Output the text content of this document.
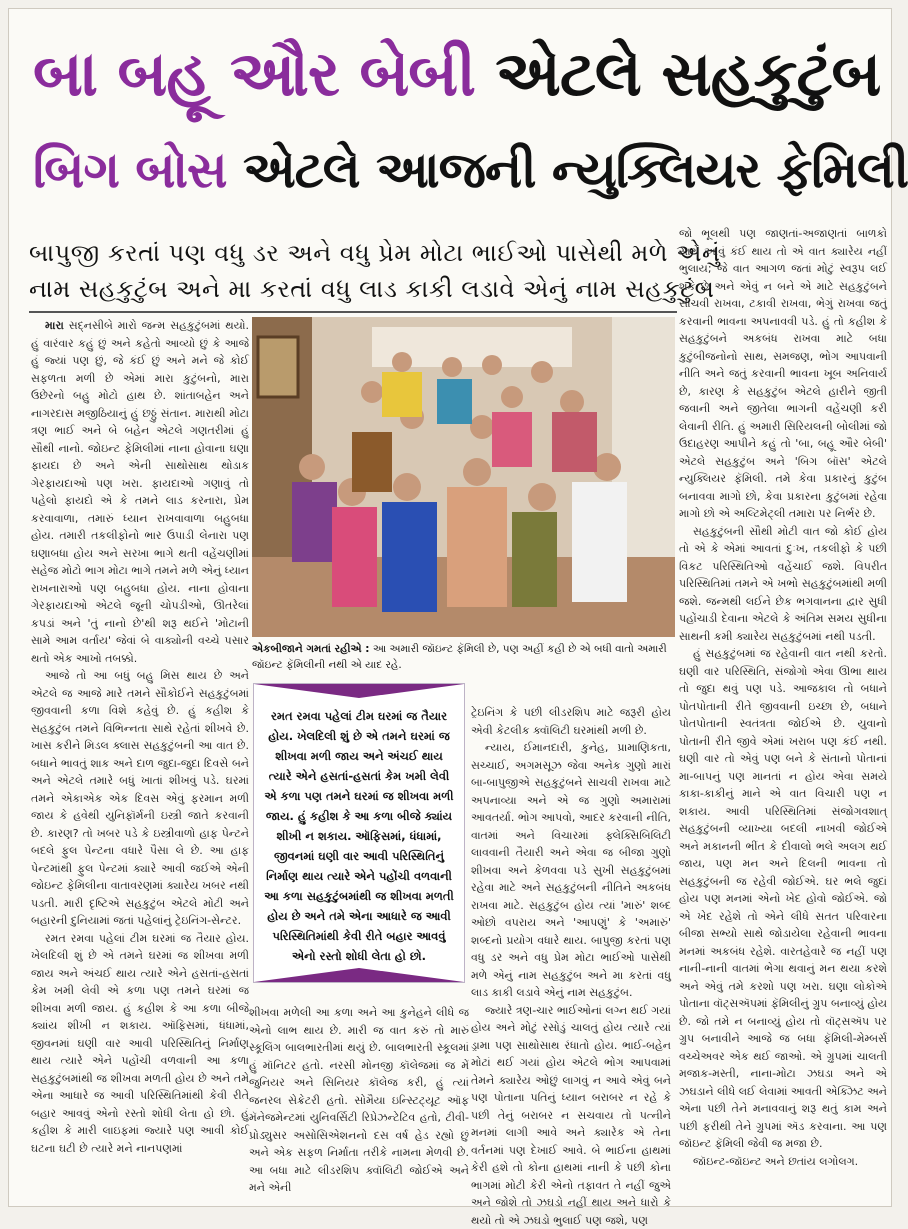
બા બહૂ ઔર બેબી એટલે સહકુટુંબ
બિગ બોસ એટલે આજની ન્યુક્લિયર ફેમિલી
બાપુજી કરતાં પણ વધુ ડર અને વધુ પ્રેમ મોટા ભાઈઓ પાસેથી મળે એનું
નામ સહકુટુંબ અને મા કરતાં વધુ લાડ કાકી લડાવે એનું નામ સહકુટુંબ

મારા સદ્નસીબે મારો જન્મ સહકુટુંબમાં થયો. હું વારંવાર કહું છું અને કહેતો આવ્યો છું કે આજે હું જ્યાં પણ છું, જે કંઈ છું અને મને જે કોઈ સફળતા મળી છે એમાં મારા કુટુંબનો, મારા ઉછેરનો બહુ મોટો હાથ છે. શાંતાબહેન અને નાગરદાસ મજીઠિયાનું હું છઠ્ઠું સંતાન. મારાથી મોટા ત્રણ ભાઈ અને બે બહેન એટલે ગણતરીમાં હું સૌથી નાનો. જોઇન્ટ ફેમિલીમાં નાના હોવાના ઘણા ફાયદા છે અને એની સાથોસાથ થોડાક ગેરફાયદાઓ પણ ખરા. ફાયદાઓ ગણાવું તો પહેલો ફાયદો એ કે તમને લાડ કરનારા, પ્રેમ કરવાવાળા, તમારું ધ્યાન રાખવાવાળા બહુબધા હોય. તમારી તકલીફોનો ભાર ઉપાડી લેનારા પણ ઘણાબધા હોય અને સરખા ભાગે થતી વહેંચણીમાં સહેજ મોટો ભાગ મોટા ભાગે તમને મળે એનું ધ્યાન રાખનારાઓ પણ બહુબધા હોય. નાના હોવાના ગેરફાયદાઓ એટલે જૂની ચોપડીઓ, ઊતરેલાં કપડાં અને 'તું નાનો છે'થી શરૂ થઈને 'મોટાની સામે આમ વર્તાય' જેવાં બે વાક્યોની વચ્ચે પસાર થતો એક આખો તબક્કો.

આજે તો આ બધું બહુ મિસ થાય છે અને એટલે જ આજે મારે તમને સૌકોઈને સહકુટુંબમાં જીવવાની કળા વિશે કહેવું છે. હું કહીશ કે સહકુટુંબ તમને વિભિન્નતા સાથે રહેતાં શીખવે છે. ખાસ કરીને મિડલ ક્લાસ સહકુટુંબની આ વાત છે. બધાને ભાવતું શાક અને દાળ જુદા-જુદા દિવસે બને અને એટલે તમારે બધું ખાતાં શીખવું પડે. ઘરમાં તમને એકાએક એક દિવસ એવું ફરમાન મળી જાય કે હવેથી યુનિફૉર્મની ઇસ્ત્રી જાતે કરવાની છે. કારણ? તો ખબર પડે કે ઇસ્ત્રીવાળો હાફ પેન્ટને બદલે ફુલ પેન્ટના વધારે પૈસા લે છે. આ હાફ પેન્ટમાંથી ફુલ પેન્ટમાં ક્યારે આવી જઈએ એની જોઇન્ટ ફેમિલીના વાતાવરણમાં ક્યારેય ખબર નથી પડતી. મારી દૃષ્ટિએ સહકુટુંબ એટલે મોટી અને બહારની દુનિયામાં જતાં પહેલાંનું ટ્રેઇનિંગ-સેન્ટર.

રમત રમવા પહેલાં ટીમ ઘરમાં જ તૈયાર હોય. ખેલદિલી શું છે એ તમને ઘરમાં જ શીખવા મળી જાય અને અંચઈ થાય ત્યારે એને હસતાં-હસતાં કેમ ખમી લેવી એ કળા પણ તમને ઘરમાં જ શીખવા મળી જાય. હું કહીશ કે આ કળા બીજે ક્યાંય શીખી ન શકાય. ઑફિસમાં, ધંધામાં, જીવનમાં ઘણી વાર આવી પરિસ્થિતિનું નિર્માણ થાય ત્યારે એને પહોંચી વળવાની આ કળા સહકુટુંબમાંથી જ શીખવા મળતી હોય છે અને તમે એના આધારે જ આવી પરિસ્થિતિમાંથી કેવી રીતે બહાર આવવું એનો રસ્તો શોધી લેતા હો છો. હું કહીશ કે મારી લાઇફમાં જ્યારે પણ આવી કોઈ ઘટના ઘટી છે ત્યારે મને નાનપણમાં

એકબીજાને ગમતાં રહીએ : આ અમારી જૉઇન્ટ ફૅમિલી છે, પણ અહીં કહી છે એ બધી વાતો અમારી જૉઇન્ટ ફૅમિલીની નથી એ યાદ રહે.
રમત રમવા પહેલાં ટીમ ઘરમાં જ તૈયાર હોય. ખેલદિલી શું છે એ તમને ઘરમાં જ શીખવા મળી જાય અને અંચઈ થાય ત્યારે એને હસતાં-હસતાં કેમ ખમી લેવી એ કળા પણ તમને ઘરમાં જ શીખવા મળી જાય. હું કહીશ કે આ કળા બીજે ક્યાંય શીખી ન શકાય. ઑફિસમાં, ધંધામાં, જીવનમાં ઘણી વાર આવી પરિસ્થિતિનું નિર્માણ થાય ત્યારે એને પહોંચી વળવાની આ કળા સહકુટુંબમાંથી જ શીખવા મળતી હોય છે અને તમે એના આધારે જ આવી પરિસ્થિતિમાંથી કેવી રીતે બહાર આવવું એનો રસ્તો શોધી લેતા હો છો.

શીખવા મળેલી આ કળા અને આ કુનેહને લીધે જ એનો લાભ થાય છે. મારી જ વાત કરું તો મારું સ્કૂલિંગ બાલભારતીમાં થયું છે. બાલભારતી સ્કૂલમાં હું મૉનિટર હતો. નરસી મોનજી કૉલેજમાં જ મેં જુનિયર અને સિનિયર કૉલેજ કરી, હું ત્યાં જનરલ સેક્રેટરી હતો. સોમૈયા ઇન્સ્ટિટ્યૂટ ઑફ મૅનેજમેન્ટમાં યુનિવર્સિટી રિપ્રેઝન્ટેટિવ હતો, ટીવી-પ્રોડ્યુસર અસોસિએશનનો દસ વર્ષ હેડ રહ્યો છું અને એક સફળ નિર્માતા તરીકે નામના મેળવી છે. આ બધા માટે લીડરશિપ ક્વૉલિટી જોઈએ અને મને એની

ટ્રેઇનિંગ કે પછી લીડરશિપ માટે જરૂરી હોય એવી કેટલીક ક્વૉલિટી ઘરમાંથી મળી છે.

ન્યાય, ઈમાનદારી, કુનેહ, પ્રામાણિકતા, સચ્ચાઈ, અગમસૂઝ જેવા અનેક ગુણો મારાં બા-બાપુજીએ સહકુટુંબને સાચવી રાખવા માટે અપનાવ્યા અને એ જ ગુણો અમારામાં આવતર્યા. ભોગ આપવો, આદર કરવાની નીતિ, વાતમાં અને વિચારમાં ફ્લેક્સિબિલિટી લાવવાની તૈયારી અને એવા જ બીજા ગુણો શીખવા અને કેળવવા પડે સુખી સહકુટુંબમાં રહેવા માટે અને સહકુટુંબની નીતિને અકબંધ રાખવા માટે. સહકુટુંબ હોય ત્યાં 'મારું' શબ્દ ઓછો વપરાય અને 'આપણું' કે 'અમારું' શબ્દનો પ્રયોગ વધારે થાય. બાપુજી કરતાં પણ વધુ ડર અને વધુ પ્રેમ મોટા ભાઈઓ પાસેથી મળે એનું નામ સહકુટુંબ અને મા કરતાં વધુ લાડ કાકી લડાવે એનું નામ સહકુટુંબ.

જ્યારે ત્રણ-ચાર ભાઈઓનાં લગ્ન થઈ ગયાં હોય અને મોટું રસોડું ચાલતું હોય ત્યારે ત્યાં ડ્રામા પણ સાથોસાથ રંધાતો હોય. ભાઈ-બહેન મોટાં થઈ ગયાં હોય એટલે ભોગ આપવામાં તેમને ક્યારેય ઓછું લાગવું ન આવે એવું બને પણ પોતાના પતિનું ધ્યાન બરાબર ન રહે કે પછી તેનું બરાબર ન સચવાય તો પત્નીને મનમાં લાગી આવે અને ક્યારેક એ તેના વર્તનમાં પણ દેખાઈ આવે. બે ભાઈના હાથમાં કેરી હશે તો કોના હાથમાં નાની કે પછી કોના ભાગમાં મોટી કેરી એનો તફાવત તે નહીં જુએ અને જોશે તો ઝઘડો નહીં થાય અને ધારો કે થયો તો એ ઝઘડો ભુલાઈ પણ જશે, પણ

જો ભૂલથી પણ જાણતાં-અજાણતાં બાળકો સાથે આવું કંઈ થાય તો એ વાત ક્યારેય નહીં ભુલાય; જે વાત આગળ જતાં મોટું સ્વરૂપ લઈ શકે છે અને એવું ન બને એ માટે સહકુટુંબને સાચવી રાખવા, ટકાવી રાખવા, ભેગું રાખવા જતું કરવાની ભાવના અપનાવવી પડે. હું તો કહીશ કે સહકુટુંબને અકબંધ રાખવા માટે બધા કુટુંબીજનોનો સાથ, સમજણ, ભોગ આપવાની નીતિ અને જતું કરવાની ભાવના ખૂબ અનિવાર્ય છે, કારણ કે સહકુટુંબ એટલે હારીને જીતી જવાની અને જીતેલા ભાગની વહેંચણી કરી લેવાની રીતિ. હું અમારી સિરિયલની બોલીમાં જો ઉદાહરણ આપીને કહું તો 'બા, બહૂ ઔર બેબી' એટલે સહકુટુંબ અને 'બિગ બૉસ' એટલે ન્યુક્લિયર ફૅમિલી. તમે કેવા પ્રકારનું કુટુંબ બનાવવા માગો છો, કેવા પ્રકારના કુટુંબમાં રહેવા માગો છો એ અલ્ટિમેટ્લી તમારા પર નિર્ભર છે.

સહકુટુંબની સૌથી મોટી વાત જો કોઈ હોય તો એ કે એમાં આવતાં દુઃખ, તકલીફો કે પછી વિકટ પરિસ્થિતિઓ વહેંચાઈ જશે. વિપરીત પરિસ્થિતિમાં તમને એ ખભો સહકુટુંબમાંથી મળી જશે. જન્મથી લઈને છેક ભગવાનના દ્વાર સુધી પહોંચાડી દેવાના એટલે કે અંતિમ સમય સુધીના સાથની કમી ક્યારેય સહકુટુંબમાં નથી પડતી.

હું સહકુટુંબમાં જ રહેવાની વાત નથી કરતો. ઘણી વાર પરિસ્થિતિ, સંજોગો એવા ઊભા થાય તો જુદા થવું પણ પડે. આજકાલ તો બધાને પોતપોતાની રીતે જીવવાની ઇચ્છા છે, બધાને પોતપોતાની સ્વતંત્રતા જોઈએ છે. યુવાનો પોતાની રીતે જીવે એમાં ખરાબ પણ કંઈ નથી. ઘણી વાર તો એવું પણ બને કે સંતાનો પોતાનાં મા-બાપનું પણ માનતાં ન હોય એવા સમયે કાકા-કાકીનું માને એ વાત વિચારી પણ ન શકાય. આવી પરિસ્થિતિમાં સંજોગવશાત્ સહકુટુંબની વ્યાખ્યા બદલી નાખવી જોઈએ અને મકાનની ભીંત કે દીવાલો ભલે અલગ થઈ જાય, પણ મન અને દિલની ભાવના તો સહકુટુંબની જ રહેવી જોઈએ. ઘર ભલે જુદાં હોય પણ મનમાં એનો ખેદ હોવો જોઈએ. જો એ ખેદ રહેશે તો એને લીધે સતત પરિવારના બીજા સભ્યો સાથે જોડાયેલા રહેવાની ભાવના મનમાં અકબંધ રહેશે. વારતહેવારે જ નહીં પણ નાની-નાની વાતમાં ભેગા થવાનું મન થયા કરશે અને એવું તમે કરશો પણ ખરા. ઘણા લોકોએ પોતાના વૉટ્સઍપમાં ફૅમિલીનું ગ્રુપ બનાવ્યું હોય છે. જો તમે ન બનાવ્યું હોય તો વૉટ્સઍપ પર ગ્રુપ બનાવીને આજે જ બધા ફૅમિલી-મેમ્બર્સ વચ્ચેઅવર એક થઈ જાઓ. એ ગ્રુપમાં ચાલતી મજાક-મસ્તી, નાના-મોટા ઝઘડા અને એ ઝઘડાને લીધે લઈ લેવામાં આવતી એક્ઝિટ અને એના પછી તેને મનાવવાનું શરૂ થતું કામ અને પછી ફરીથી તેને ગ્રુપમાં ઍડ કરવાના. આ પણ જૉઇન્ટ ફૅમિલી જેવી જ મજા છે.

જૉઇન્ટ-જૉઇન્ટ અને છતાંય લગોલગ.
